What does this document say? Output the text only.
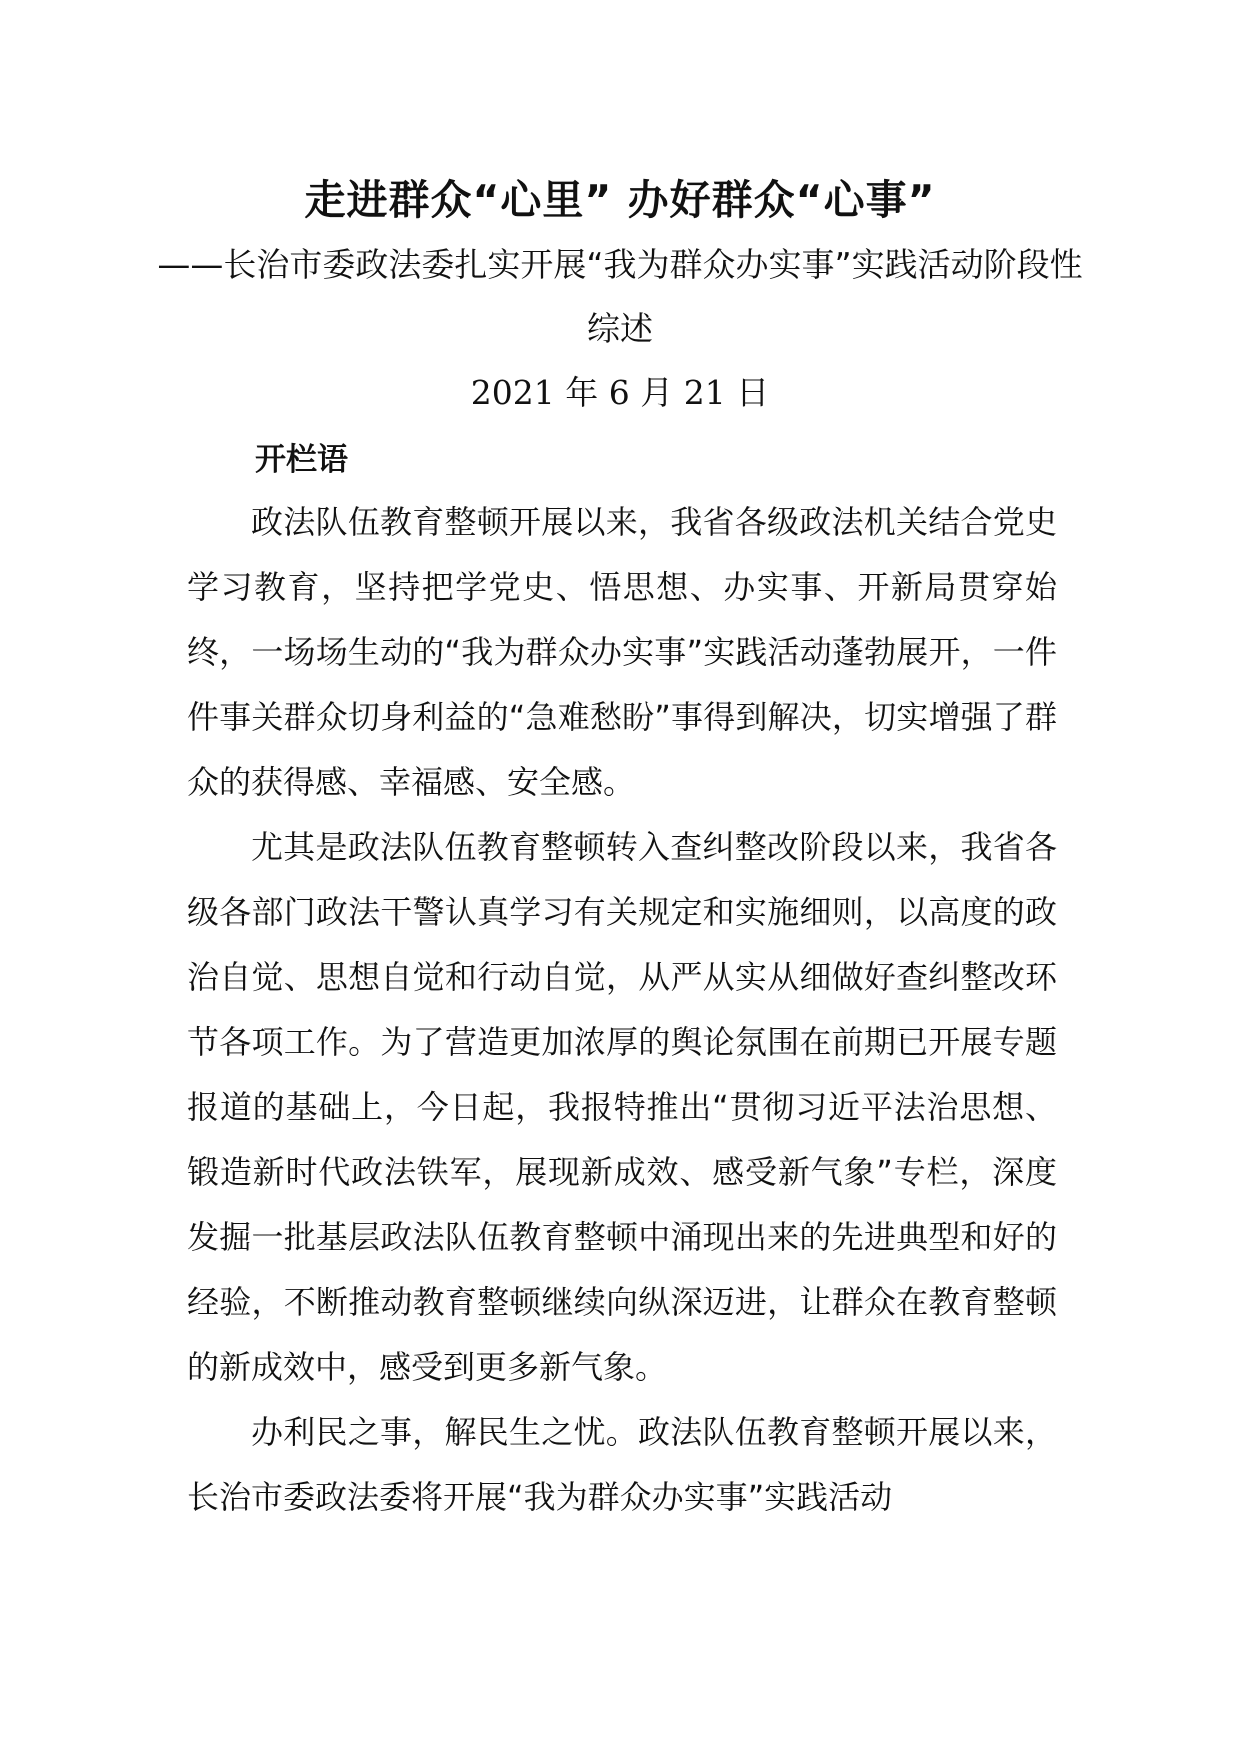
走进群众“心里” 办好群众“心事”
——长治市委政法委扎实开展“我为群众办实事”实践活动阶段性综述
2021 年 6 月 21 日
开栏语

政法队伍教育整顿开展以来，我省各级政法机关结合党史学习教育，坚持把学党史、悟思想、办实事、开新局贯穿始终，一场场生动的“我为群众办实事”实践活动蓬勃展开，一件件事关群众切身利益的“急难愁盼”事得到解决，切实增强了群众的获得感、幸福感、安全感。

尤其是政法队伍教育整顿转入查纠整改阶段以来，我省各级各部门政法干警认真学习有关规定和实施细则，以高度的政治自觉、思想自觉和行动自觉，从严从实从细做好查纠整改环节各项工作。为了营造更加浓厚的舆论氛围在前期已开展专题报道的基础上，今日起，我报特推出“贯彻习近平法治思想、锻造新时代政法铁军，展现新成效、感受新气象”专栏，深度发掘一批基层政法队伍教育整顿中涌现出来的先进典型和好的经验，不断推动教育整顿继续向纵深迈进，让群众在教育整顿的新成效中，感受到更多新气象。

办利民之事，解民生之忧。政法队伍教育整顿开展以来，长治市委政法委将开展“我为群众办实事”实践活动
